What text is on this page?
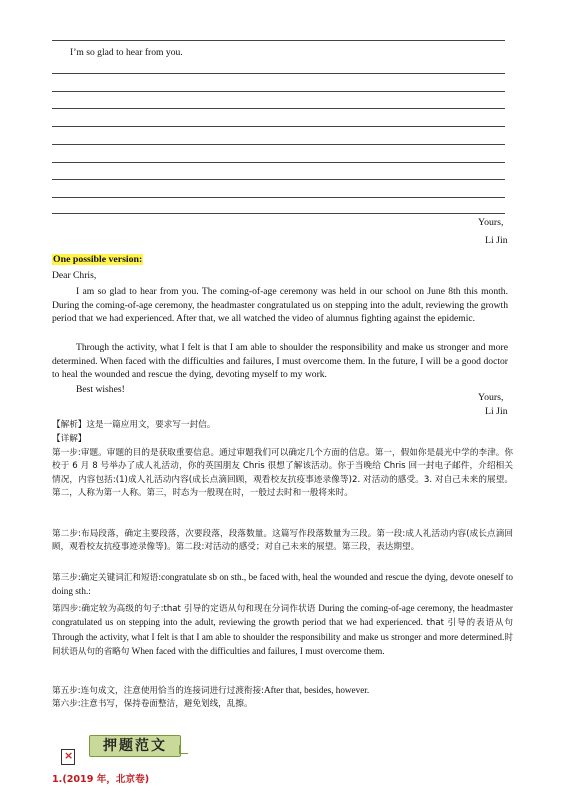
I’m so glad to hear from you.
Yours,
Li Jin
One possible version:
Dear Chris,
I am so glad to hear from you. The coming-of-age ceremony was held in our school on June 8th this month. During the coming-of-age ceremony, the headmaster congratulated us on stepping into the adult, reviewing the growth period that we had experienced. After that, we all watched the video of alumnus fighting against the epidemic.
Through the activity, what I felt is that I am able to shoulder the responsibility and make us stronger and more determined. When faced with the difficulties and failures, I must overcome them. In the future, I will be a good doctor to heal the wounded and rescue the dying, devoting myself to my work.
Best wishes!
Yours,
Li Jin
【解析】这是一篇应用文，要求写一封信。
【详解】
第一步:审题。审题的目的是获取重要信息。通过审题我们可以确定几个方面的信息。第一，假如你是晨光中学的李津。你校于 6 月 8 号举办了成人礼活动，你的英国朋友 Chris 很想了解该活动。你于当晚给 Chris 回一封电子邮件，介绍相关情况，内容包括:(1)成人礼活动内容(成长点滴回顾，观看校友抗疫事迹录像等)2. 对活动的感受。3. 对自己未来的展望。第二，人称为第一人称。第三，时态为一般现在时，一般过去时和一般将来时。
第二步:布局段落，确定主要段落，次要段落，段落数量。这篇写作段落数量为三段。第一段:成人礼活动内容(成长点滴回顾，观看校友抗疫事迹录像等)。第二段:对活动的感受；对自己未来的展望。第三段，表达期望。
第三步:确定关键词汇和短语:congratulate sb on sth., be faced with, heal the wounded and rescue the dying, devote oneself to doing sth.:
第四步:确定较为高级的句子:that 引导的定语从句和现在分词作状语 During the coming-of-age ceremony, the headmaster congratulated us on stepping into the adult, reviewing the growth period that we had experienced. that 引导的表语从句 Through the activity, what I felt is that I am able to shoulder the responsibility and make us stronger and more determined.时间状语从句的省略句 When faced with the difficulties and failures, I must overcome them.
第五步:连句成文，注意使用恰当的连接词进行过渡衔接:After that, besides, however.
第六步:注意书写，保持卷面整洁，避免划线，乱擦。
×
押题范文
1.(2019 年，北京卷)
